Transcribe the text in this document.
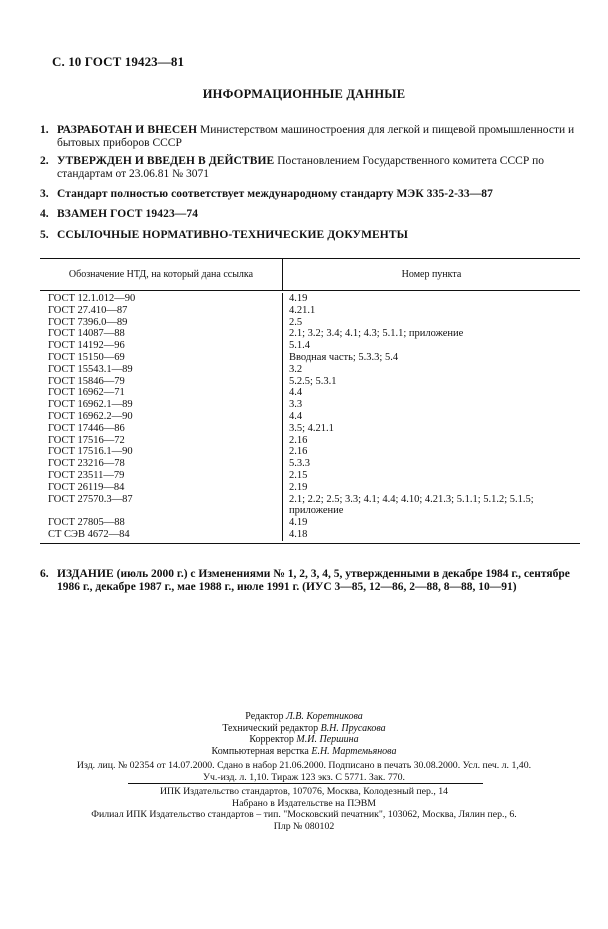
С. 10 ГОСТ 19423—81
ИНФОРМАЦИОННЫЕ ДАННЫЕ
1. РАЗРАБОТАН И ВНЕСЕН Министерством машиностроения для легкой и пищевой промышленности и бытовых приборов СССР
2. УТВЕРЖДЕН И ВВЕДЕН В ДЕЙСТВИЕ Постановлением Государственного комитета СССР по стандартам от 23.06.81 № 3071
3. Стандарт полностью соответствует международному стандарту МЭК 335-2-33—87
4. ВЗАМЕН ГОСТ 19423—74
5. ССЫЛОЧНЫЕ НОРМАТИВНО-ТЕХНИЧЕСКИЕ ДОКУМЕНТЫ
Обозначение НТД, на который дана ссылка	Номер пункта
ГОСТ 12.1.012—90	4.19
ГОСТ 27.410—87	4.21.1
ГОСТ 7396.0—89	2.5
ГОСТ 14087—88	2.1; 3.2; 3.4; 4.1; 4.3; 5.1.1; приложение
ГОСТ 14192—96	5.1.4
ГОСТ 15150—69	Вводная часть; 5.3.3; 5.4
ГОСТ 15543.1—89	3.2
ГОСТ 15846—79	5.2.5; 5.3.1
ГОСТ 16962—71	4.4
ГОСТ 16962.1—89	3.3
ГОСТ 16962.2—90	4.4
ГОСТ 17446—86	3.5; 4.21.1
ГОСТ 17516—72	2.16
ГОСТ 17516.1—90	2.16
ГОСТ 23216—78	5.3.3
ГОСТ 23511—79	2.15
ГОСТ 26119—84	2.19
ГОСТ 27570.3—87	2.1; 2.2; 2.5; 3.3; 4.1; 4.4; 4.10; 4.21.3; 5.1.1; 5.1.2; 5.1.5; приложение
ГОСТ 27805—88	4.19
СТ СЭВ 4672—84	4.18
6. ИЗДАНИЕ (июль 2000 г.) с Изменениями № 1, 2, 3, 4, 5, утвержденными в декабре 1984 г., сентябре 1986 г., декабре 1987 г., мае 1988 г., июле 1991 г. (ИУС 3—85, 12—86, 2—88, 8—88, 10—91)
Редактор Л.В. Коретникова
Технический редактор В.Н. Прусакова
Корректор М.И. Першина
Компьютерная верстка Е.Н. Мартемьянова
Изд. лиц. № 02354 от 14.07.2000. Сдано в набор 21.06.2000. Подписано в печать 30.08.2000. Усл. печ. л. 1,40.
Уч.-изд. л. 1,10. Тираж 123 экз. С 5771. Зак. 770.
ИПК Издательство стандартов, 107076, Москва, Колодезный пер., 14
Набрано в Издательстве на ПЭВМ
Филиал ИПК Издательство стандартов – тип. "Московский печатник", 103062, Москва, Лялин пер., 6.
Плр № 080102
